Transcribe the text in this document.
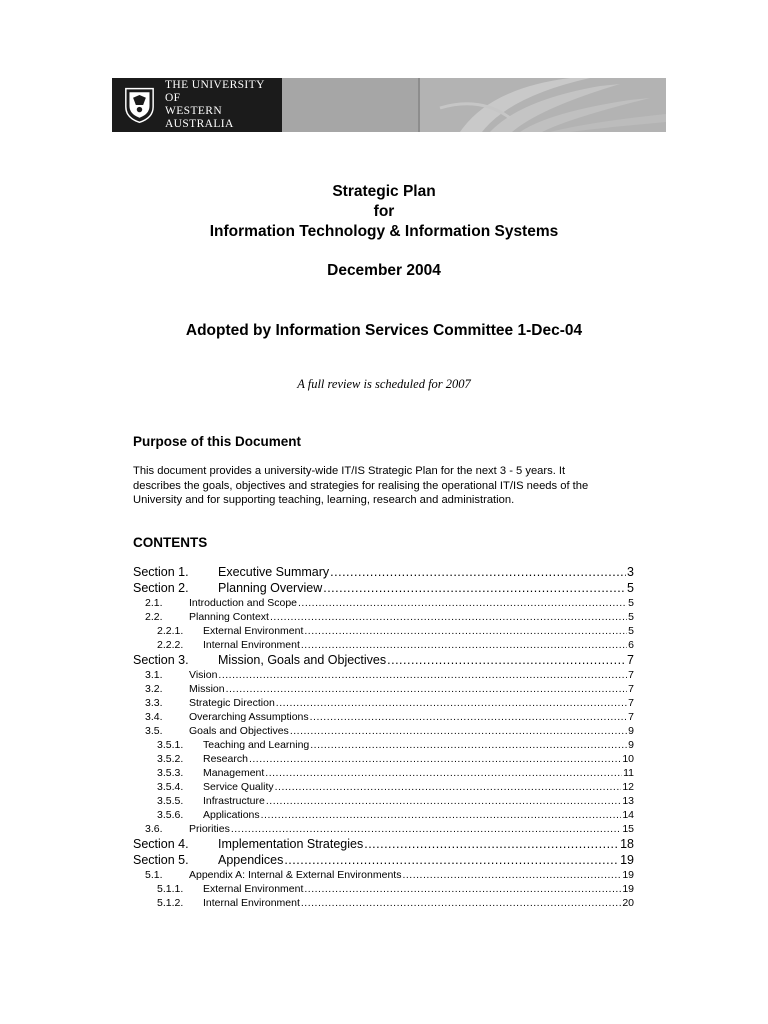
THE UNIVERSITY OF
WESTERN AUSTRALIA
Strategic Plan
for
Information Technology & Information Systems
December 2004
Adopted by Information Services Committee 1-Dec-04
A full review is scheduled for 2007
Purpose of this Document
This document provides a university-wide IT/IS Strategic Plan for the next 3 - 5 years. It
describes the goals, objectives and strategies for realising the operational IT/IS needs of the
University and for supporting teaching, learning, research and administration.
CONTENTS
Section 1.	Executive Summary .....	3
Section 2.	Planning Overview .....	5
2.1.	Introduction and Scope .....	5
2.2.	Planning Context .....	5
2.2.1.	External Environment .....	5
2.2.2.	Internal Environment .....	6
Section 3.	Mission, Goals and Objectives .....	7
3.1.	Vision .....	7
3.2.	Mission .....	7
3.3.	Strategic Direction .....	7
3.4.	Overarching Assumptions .....	7
3.5.	Goals and Objectives .....	9
3.5.1.	Teaching and Learning .....	9
3.5.2.	Research .....	10
3.5.3.	Management .....	11
3.5.4.	Service Quality .....	12
3.5.5.	Infrastructure .....	13
3.5.6.	Applications .....	14
3.6.	Priorities .....	15
Section 4.	Implementation Strategies .....	18
Section 5.	Appendices .....	19
5.1.	Appendix A: Internal & External Environments .....	19
5.1.1.	External Environment .....	19
5.1.2.	Internal Environment .....	20
